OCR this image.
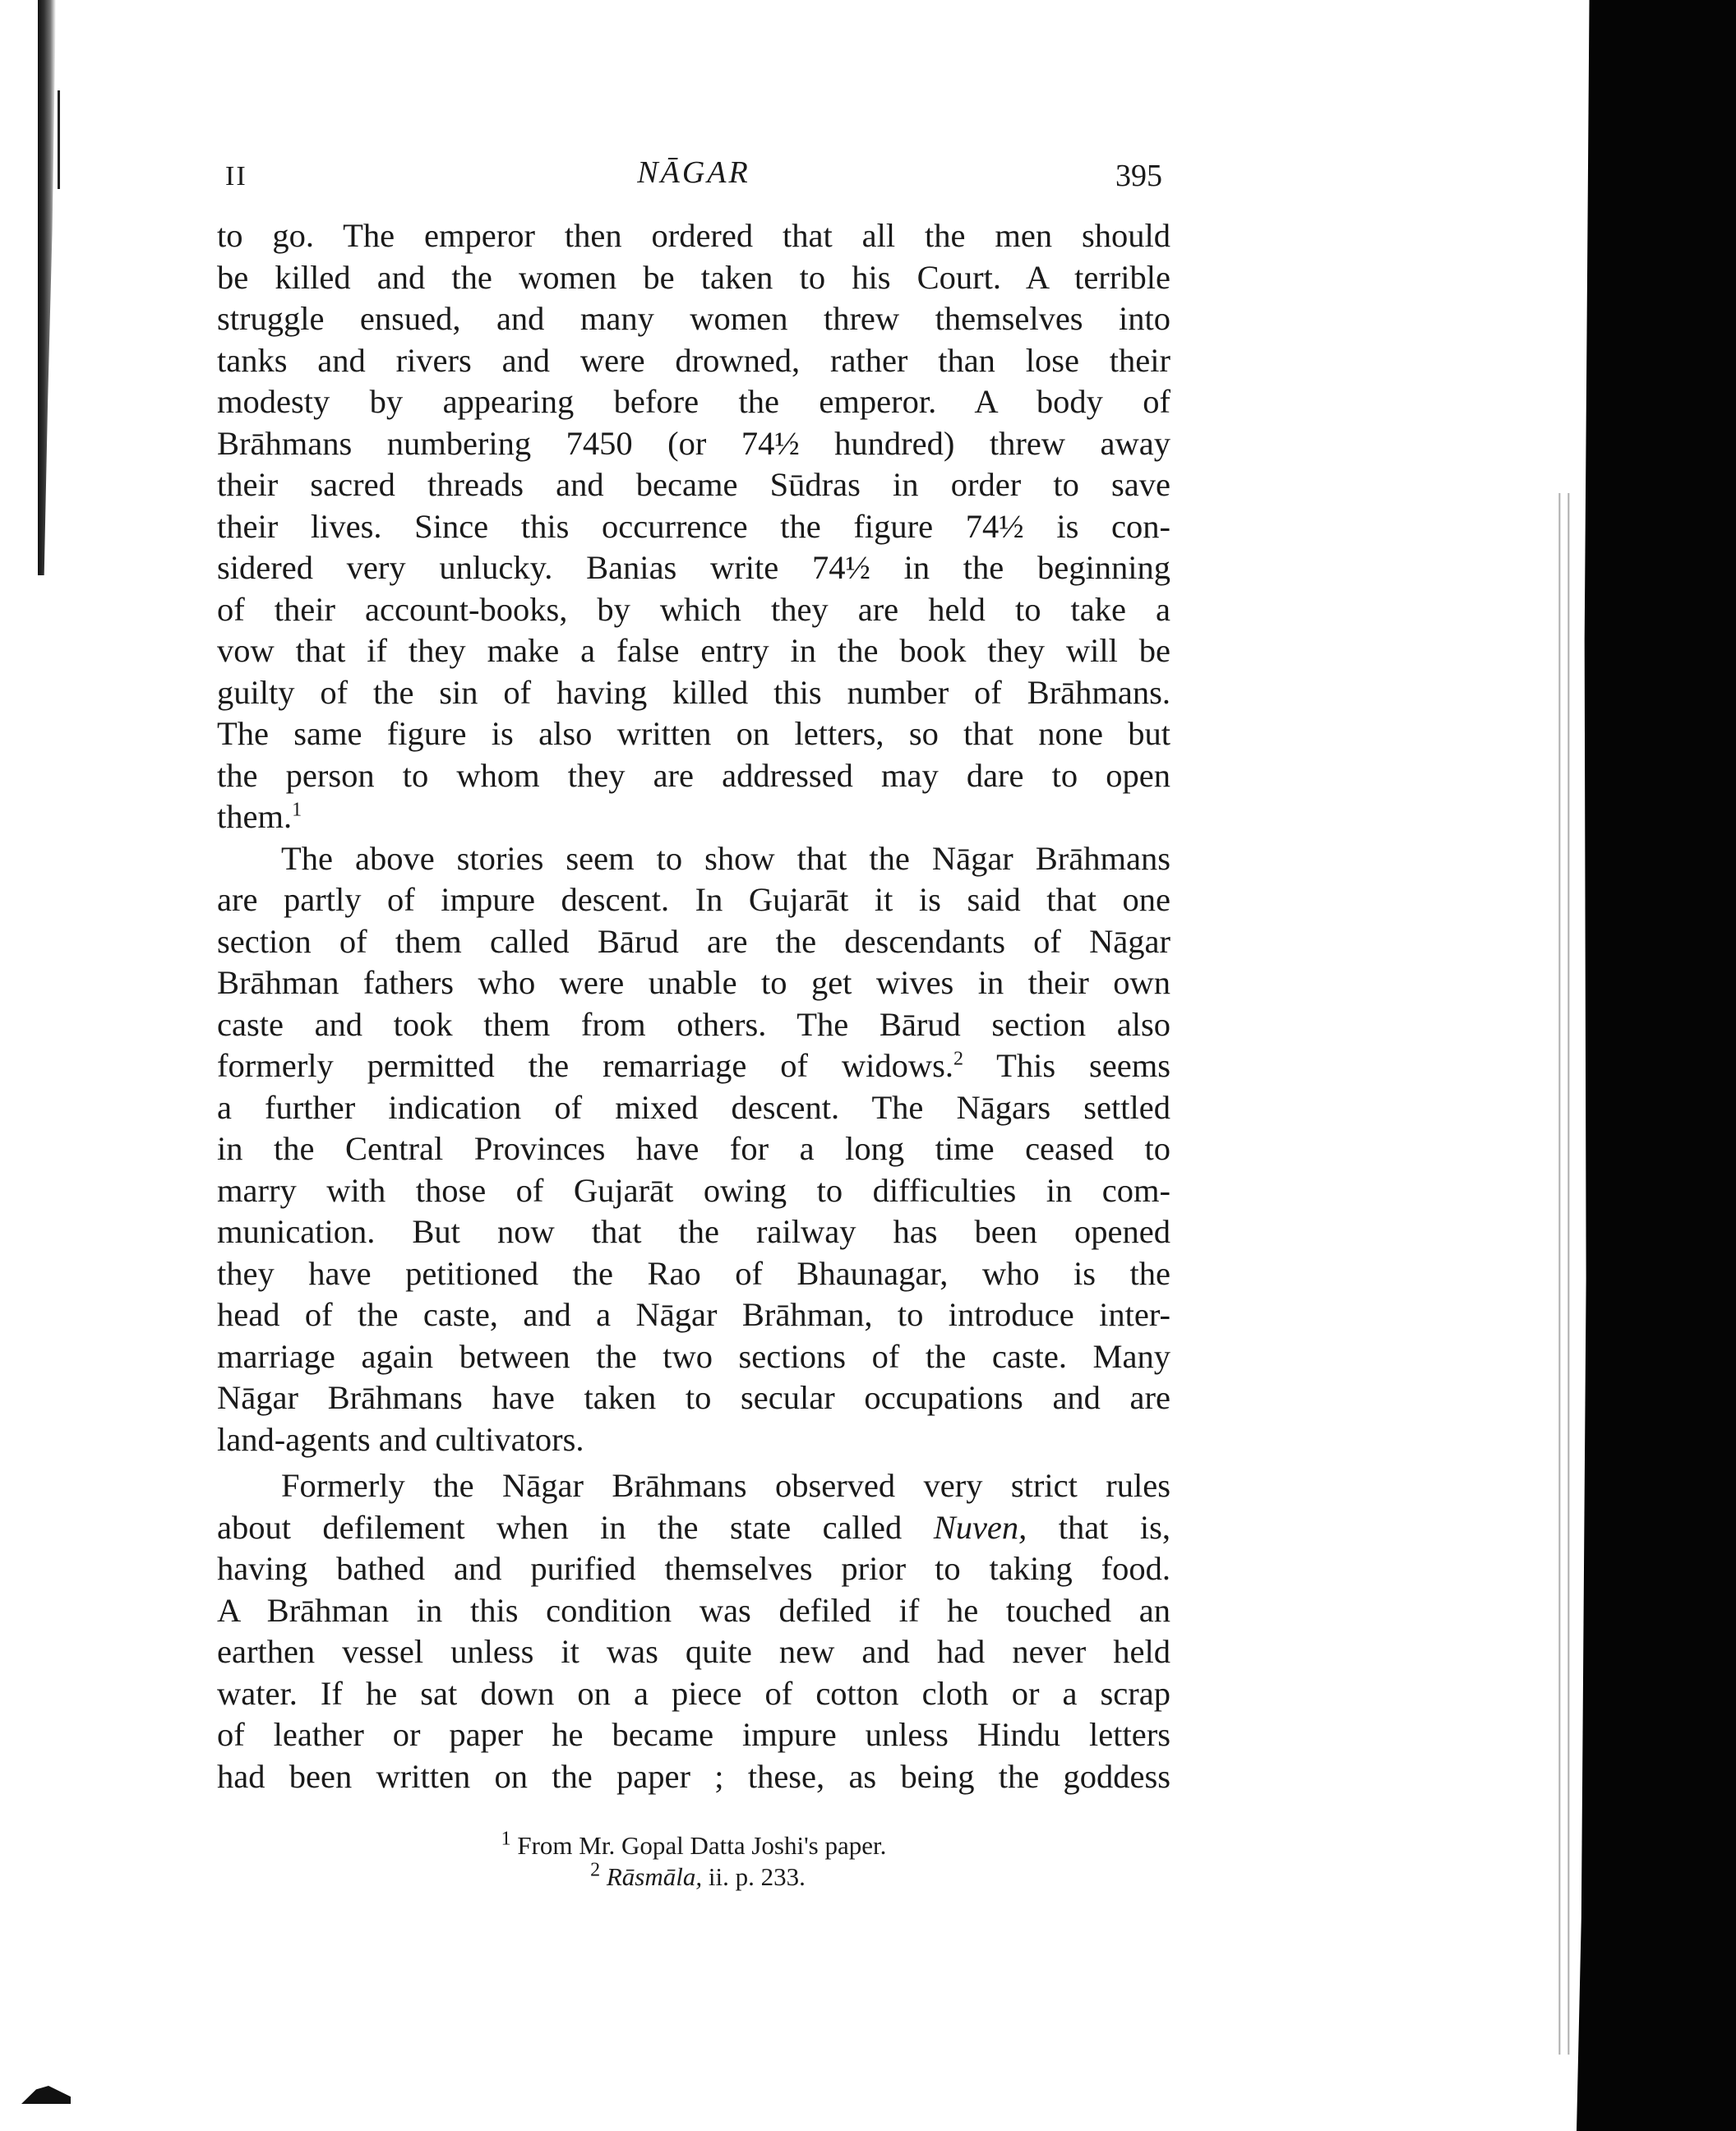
II	NĀGAR	395
to go. The emperor then ordered that all the men should
be killed and the women be taken to his Court. A terrible
struggle ensued, and many women threw themselves into
tanks and rivers and were drowned, rather than lose their
modesty by appearing before the emperor. A body of
Brāhmans numbering 7450 (or 74½ hundred) threw away
their sacred threads and became Sūdras in order to save
their lives. Since this occurrence the figure 74½ is con-
sidered very unlucky. Banias write 74½ in the beginning
of their account-books, by which they are held to take a
vow that if they make a false entry in the book they will be
guilty of the sin of having killed this number of Brāhmans.
The same figure is also written on letters, so that none but
the person to whom they are addressed may dare to open
them.$^1$
The above stories seem to show that the Nāgar Brāhmans
are partly of impure descent. In Gujarāt it is said that one
section of them called Bārud are the descendants of Nāgar
Brāhman fathers who were unable to get wives in their own
caste and took them from others. The Bārud section also
formerly permitted the remarriage of widows.$^2$ This seems
a further indication of mixed descent. The Nāgars settled
in the Central Provinces have for a long time ceased to
marry with those of Gujarāt owing to difficulties in com-
munication. But now that the railway has been opened
they have petitioned the Rao of Bhaunagar, who is the
head of the caste, and a Nāgar Brāhman, to introduce inter-
marriage again between the two sections of the caste. Many
Nāgar Brāhmans have taken to secular occupations and are
land-agents and cultivators.
Formerly the Nāgar Brāhmans observed very strict rules
about defilement when in the state called Nuven, that is,
having bathed and purified themselves prior to taking food.
A Brāhman in this condition was defiled if he touched an
earthen vessel unless it was quite new and had never held
water. If he sat down on a piece of cotton cloth or a scrap
of leather or paper he became impure unless Hindu letters
had been written on the paper ; these, as being the goddess
$^1$ From Mr. Gopal Datta Joshi's paper.
$^2$ Rāsmāla, ii. p. 233.
